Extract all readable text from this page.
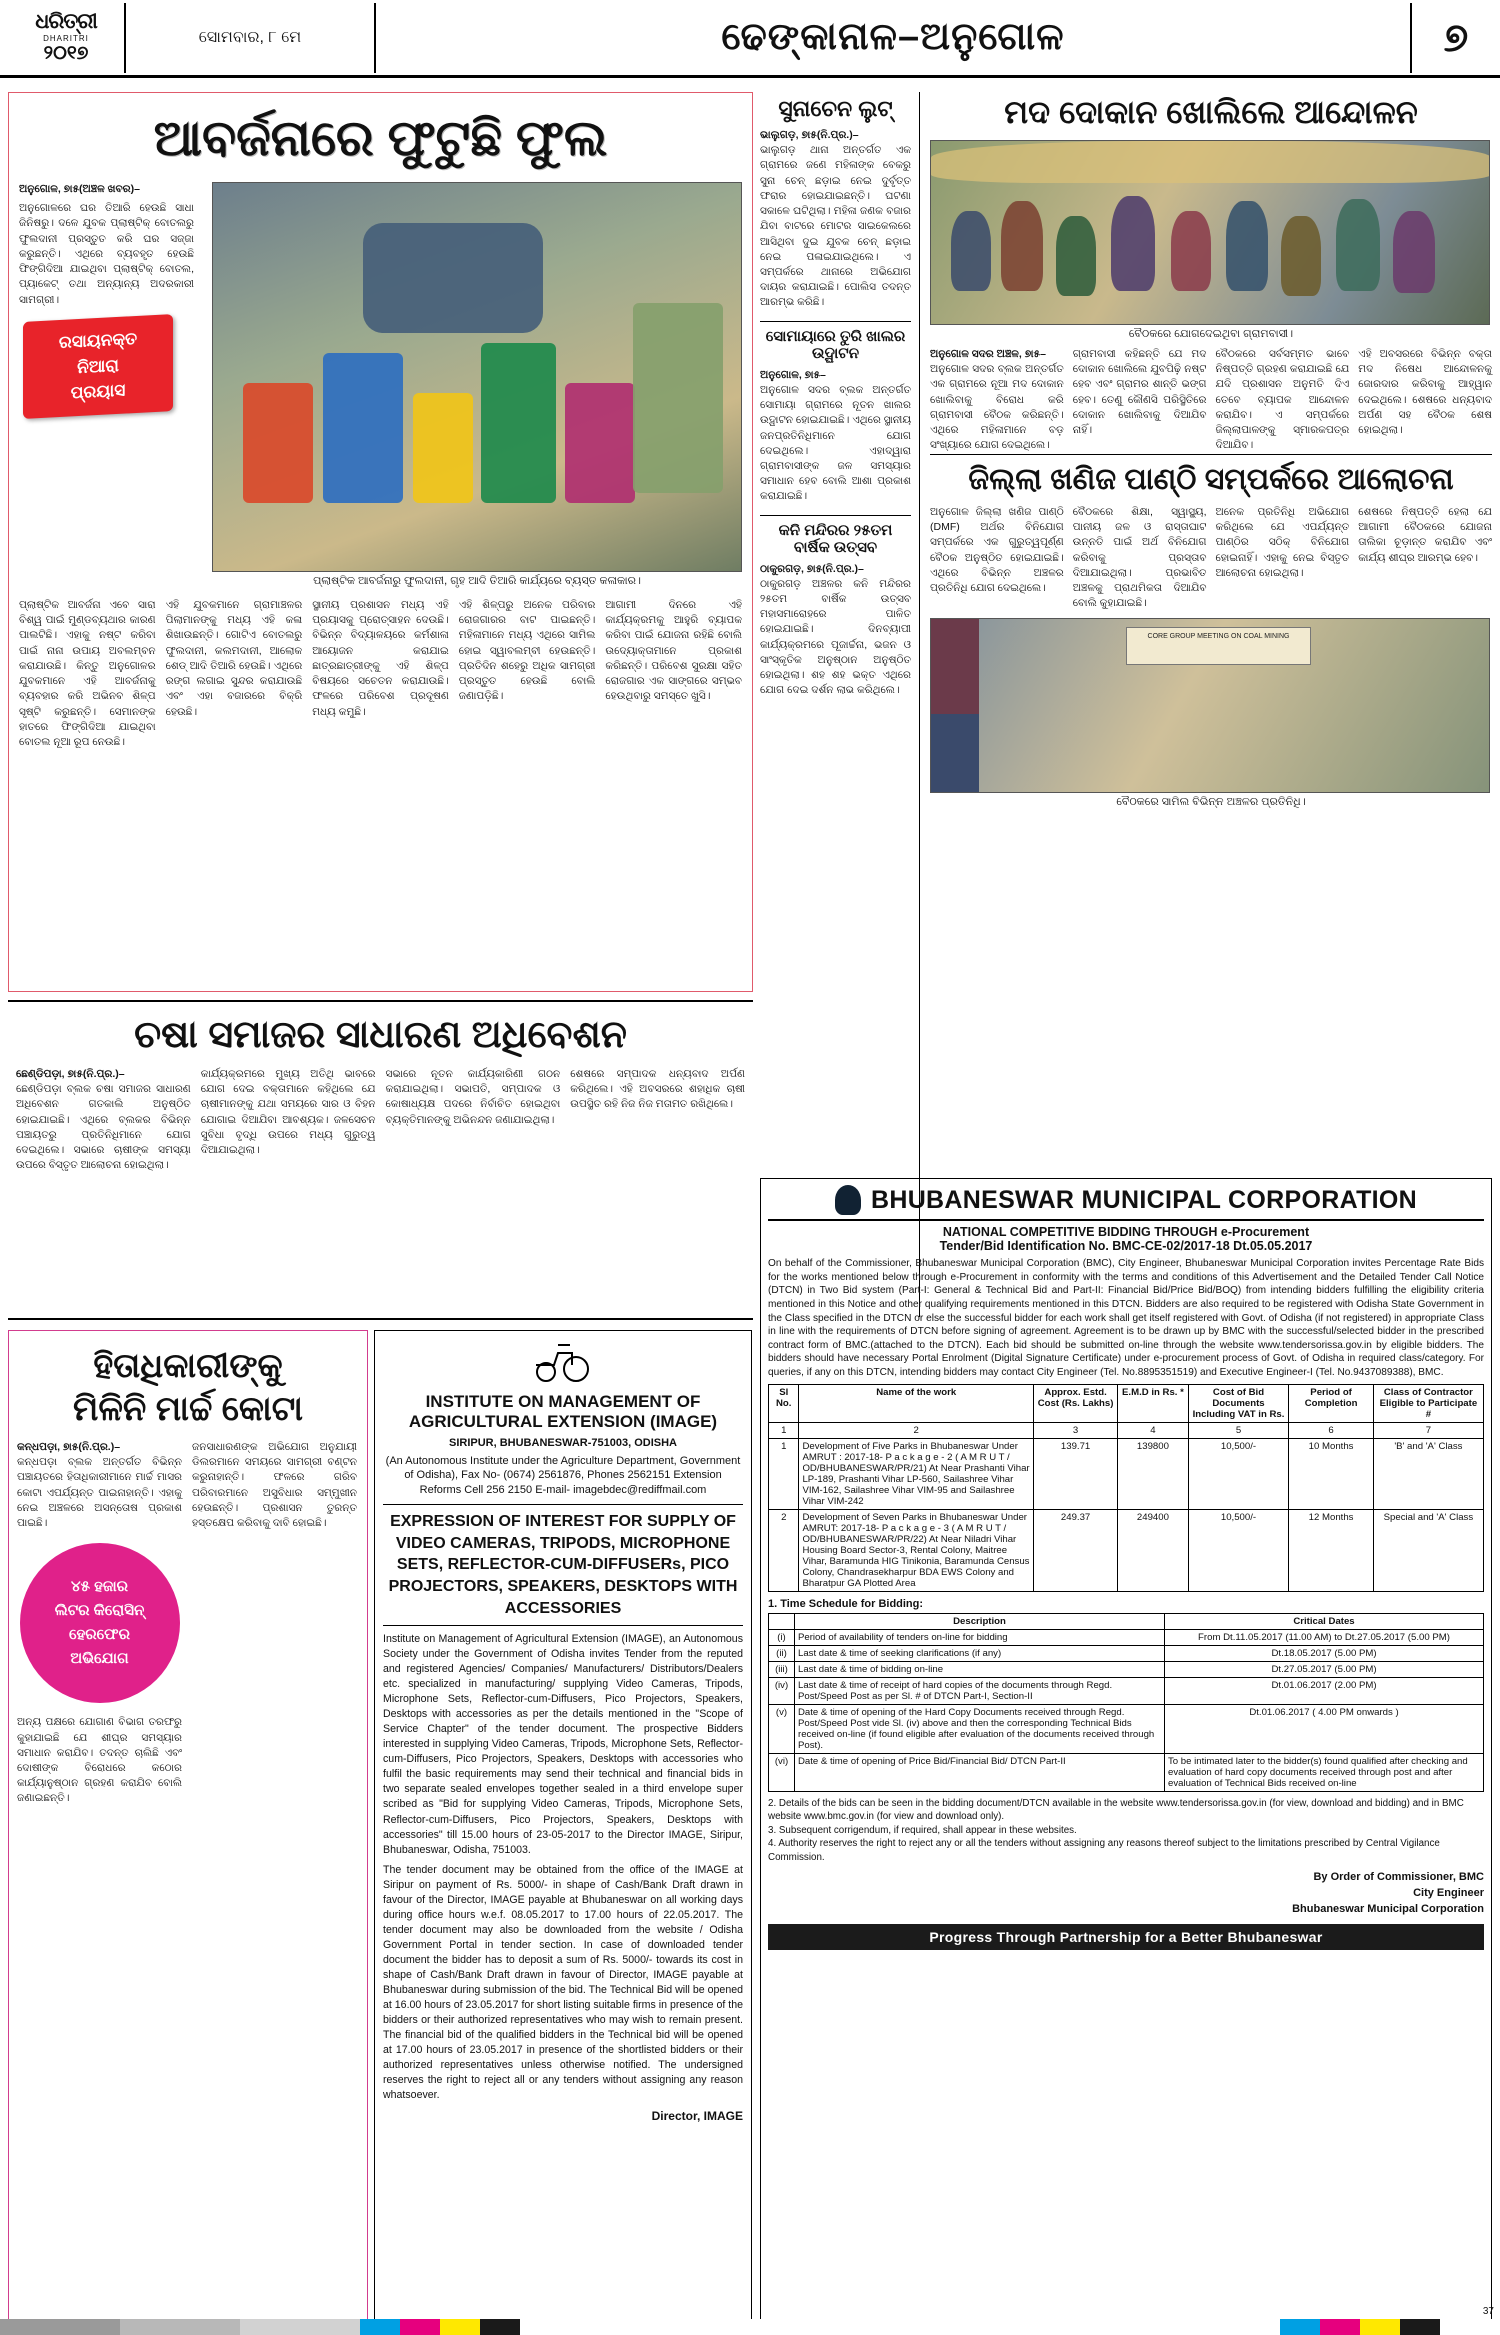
ଧରିତ୍ରୀ
DHARITRI
୨୦୧୭
ସୋମବାର, ୮ ମେ	ଢେଙ୍କାନାଳ–ଅନୁଗୋଳ	୭
ଆବର୍ଜନାରେ ଫୁଟୁଛି ଫୁଲ
ଅନୁଗୋଳ, ୭ା୫(ଅଞ୍ଚଳ ଖବର)–
ଅନୁଗୋଳରେ ଘର ତିଆରି ହେଉଛି ସାଧା ଜିନିଷରୁ। ଦଳେ ଯୁବକ ପ୍ଲାଷ୍ଟିକ୍ ବୋତଲରୁ ଫୁଲଦାନୀ ପ୍ରସ୍ତୁତ କରି ଘର ସଜ୍ଜା କରୁଛନ୍ତି। ଏଥିରେ ବ୍ୟବହୃତ ହେଉଛି ଫିଙ୍ଗିଦିଆ ଯାଇଥିବା ପ୍ଲାଷ୍ଟିକ୍ ବୋତଲ, ପ୍ୟାକେଟ୍ ତଥା ଅନ୍ୟାନ୍ୟ ଅଦରକାରୀ ସାମଗ୍ରୀ।
ରସାୟନକ୍ତ
ନିଆରା
ପ୍ରୟାସ
ପ୍ଲାଷ୍ଟିକ ଆବର୍ଜନାରୁ ଫୁଲଦାନୀ, ଗୃହ ଆଦି ତିଆରି କାର୍ଯ୍ୟରେ ବ୍ୟସ୍ତ କଳାକାର।
ପ୍ଲାଷ୍ଟିକ ଆବର୍ଜନା ଏବେ ସାରା ବିଶ୍ୱ ପାଇଁ ମୁଣ୍ଡବ୍ୟଥାର କାରଣ ପାଲଟିଛି। ଏହାକୁ ନଷ୍ଟ କରିବା ପାଇଁ ନାନା ଉପାୟ ଅବଲମ୍ବନ କରାଯାଉଛି। କିନ୍ତୁ ଅନୁଗୋଳର ଯୁବକମାନେ ଏହି ଆବର୍ଜନାକୁ ବ୍ୟବହାର କରି ଅଭିନବ ଶିଳ୍ପ ସୃଷ୍ଟି କରୁଛନ୍ତି। ସେମାନଙ୍କ ହାତରେ ଫିଙ୍ଗିଦିଆ ଯାଇଥିବା ବୋତଲ ନୂଆ ରୂପ ନେଉଛି।
ଏହି ଯୁବକମାନେ ଗ୍ରାମାଞ୍ଚଳର ପିଲାମାନଙ୍କୁ ମଧ୍ୟ ଏହି କଳା ଶିଖାଉଛନ୍ତି। ଗୋଟିଏ ବୋତଲରୁ ଫୁଲଦାନୀ, କଲମଦାନୀ, ଆଲୋକ ଶେଡ୍ ଆଦି ତିଆରି ହେଉଛି। ଏଥିରେ ରଙ୍ଗ ଲଗାଇ ସୁନ୍ଦର କରାଯାଉଛି ଏବଂ ଏହା ବଜାରରେ ବିକ୍ରି ହେଉଛି।
ସ୍ଥାନୀୟ ପ୍ରଶାସନ ମଧ୍ୟ ଏହି ପ୍ରୟାସକୁ ପ୍ରୋତ୍ସାହନ ଦେଉଛି। ବିଭିନ୍ନ ବିଦ୍ୟାଳୟରେ କର୍ମଶାଳା ଆୟୋଜନ କରାଯାଇ ଛାତ୍ରଛାତ୍ରୀଙ୍କୁ ଏହି ଶିଳ୍ପ ବିଷୟରେ ସଚେତନ କରାଯାଉଛି। ଫଳରେ ପରିବେଶ ପ୍ରଦୂଷଣ ମଧ୍ୟ କମୁଛି।
ଏହି ଶିଳ୍ପରୁ ଅନେକ ପରିବାର ରୋଜଗାରର ବାଟ ପାଇଛନ୍ତି। ମହିଳାମାନେ ମଧ୍ୟ ଏଥିରେ ସାମିଲ ହୋଇ ସ୍ୱାବଲମ୍ବୀ ହେଉଛନ୍ତି। ପ୍ରତିଦିନ ଶହେରୁ ଅଧିକ ସାମଗ୍ରୀ ପ୍ରସ୍ତୁତ ହେଉଛି ବୋଲି ଜଣାପଡ଼ିଛି।
ଆଗାମୀ ଦିନରେ ଏହି କାର୍ଯ୍ୟକ୍ରମକୁ ଆହୁରି ବ୍ୟାପକ କରିବା ପାଇଁ ଯୋଜନା ରହିଛି ବୋଲି ଉଦ୍ୟୋକ୍ତାମାନେ ପ୍ରକାଶ କରିଛନ୍ତି। ପରିବେଶ ସୁରକ୍ଷା ସହିତ ରୋଜଗାର ଏକ ସାଙ୍ଗରେ ସମ୍ଭବ ହେଉଥିବାରୁ ସମସ୍ତେ ଖୁସି।
ଚଷା ସମାଜର ସାଧାରଣ ଅଧିବେଶନ
ଛେଣ୍ଡିପଡ଼ା, ୭ା୫(ନି.ପ୍ର.)–
ଛେଣ୍ଡିପଡ଼ା ବ୍ଲକ ଚଷା ସମାଜର ସାଧାରଣ ଅଧିବେଶନ ଗତକାଲି ଅନୁଷ୍ଠିତ ହୋଇଯାଇଛି। ଏଥିରେ ବ୍ଲକର ବିଭିନ୍ନ ପଞ୍ଚାୟତରୁ ପ୍ରତିନିଧିମାନେ ଯୋଗ ଦେଇଥିଲେ। ସଭାରେ ଚାଷୀଙ୍କ ସମସ୍ୟା ଉପରେ ବିସ୍ତୃତ ଆଲୋଚନା ହୋଇଥିଲା।
କାର୍ଯ୍ୟକ୍ରମରେ ମୁଖ୍ୟ ଅତିଥି ଭାବରେ ଯୋଗ ଦେଇ ବକ୍ତାମାନେ କହିଥିଲେ ଯେ ଚାଷୀମାନଙ୍କୁ ଯଥା ସମୟରେ ସାର ଓ ବିହନ ଯୋଗାଇ ଦିଆଯିବା ଆବଶ୍ୟକ। ଜଳସେଚନ ସୁବିଧା ବୃଦ୍ଧି ଉପରେ ମଧ୍ୟ ଗୁରୁତ୍ୱ ଦିଆଯାଇଥିଲା।
ସଭାରେ ନୂତନ କାର୍ଯ୍ୟକାରିଣୀ ଗଠନ କରାଯାଇଥିଲା। ସଭାପତି, ସମ୍ପାଦକ ଓ କୋଷାଧ୍ୟକ୍ଷ ପଦରେ ନିର୍ବାଚିତ ହୋଇଥିବା ବ୍ୟକ୍ତିମାନଙ୍କୁ ଅଭିନନ୍ଦନ ଜଣାଯାଇଥିଲା।
ଶେଷରେ ସମ୍ପାଦକ ଧନ୍ୟବାଦ ଅର୍ପଣ କରିଥିଲେ। ଏହି ଅବସରରେ ଶହାଧିକ ଚାଷୀ ଉପସ୍ଥିତ ରହି ନିଜ ନିଜ ମତାମତ ରଖିଥିଲେ।
ହିତାଧିକାରୀଙ୍କୁ
ମିଳିନି ମାର୍ଚ୍ଚ କୋଟା
କନ୍ଧପଡ଼ା, ୭ା୫(ନି.ପ୍ର.)–
କନ୍ଧପଡ଼ା ବ୍ଲକ ଅନ୍ତର୍ଗତ ବିଭିନ୍ନ ପଞ୍ଚାୟତରେ ହିତାଧିକାରୀମାନେ ମାର୍ଚ୍ଚ ମାସର କୋଟା ଏପର୍ଯ୍ୟନ୍ତ ପାଇନାହାନ୍ତି। ଏହାକୁ ନେଇ ଅଞ୍ଚଳରେ ଅସନ୍ତୋଷ ପ୍ରକାଶ ପାଇଛି।
୪୫ ହଜାର
ଲିଟର କିରୋସିନ୍
ହେରଫେର
ଅଭିଯୋଗ
ଅନ୍ୟ ପକ୍ଷରେ ଯୋଗାଣ ବିଭାଗ ତରଫରୁ କୁହାଯାଇଛି ଯେ ଶୀଘ୍ର ସମସ୍ୟାର ସମାଧାନ କରାଯିବ। ତଦନ୍ତ ଚାଲିଛି ଏବଂ ଦୋଷୀଙ୍କ ବିରୋଧରେ କଠୋର କାର୍ଯ୍ୟାନୁଷ୍ଠାନ ଗ୍ରହଣ କରାଯିବ ବୋଲି ଜଣାଇଛନ୍ତି।
ଜନସାଧାରଣଙ୍କ ଅଭିଯୋଗ ଅନୁଯାୟୀ ଡିଲରମାନେ ସମୟରେ ସାମଗ୍ରୀ ବଣ୍ଟନ କରୁନାହାନ୍ତି। ଫଳରେ ଗରିବ ପରିବାରମାନେ ଅସୁବିଧାର ସମ୍ମୁଖୀନ ହେଉଛନ୍ତି। ପ୍ରଶାସନ ତୁରନ୍ତ ହସ୍ତକ୍ଷେପ କରିବାକୁ ଦାବି ହୋଇଛି।
INSTITUTE ON MANAGEMENT OF AGRICULTURAL EXTENSION (IMAGE)
SIRIPUR, BHUBANESWAR-751003, ODISHA
(An Autonomous Institute under the Agriculture Department, Government of Odisha), Fax No- (0674) 2561876, Phones 2562151 Extension Reforms Cell 256 2150 E-mail- imagebdec@rediffmail.com
EXPRESSION OF INTEREST FOR SUPPLY OF VIDEO CAMERAS, TRIPODS, MICROPHONE SETS, REFLECTOR-CUM-DIFFUSERs, PICO PROJECTORS, SPEAKERS, DESKTOPS WITH ACCESSORIES
Institute on Management of Agricultural Extension (IMAGE), an Autonomous Society under the Government of Odisha invites Tender from the reputed and registered Agencies/ Companies/ Manufacturers/ Distributors/Dealers etc. specialized in manufacturing/ supplying Video Cameras, Tripods, Microphone Sets, Reflector-cum-Diffusers, Pico Projectors, Speakers, Desktops with accessories as per the details mentioned in the "Scope of Service Chapter" of the tender document. The prospective Bidders interested in supplying Video Cameras, Tripods, Microphone Sets, Reflector-cum-Diffusers, Pico Projectors, Speakers, Desktops with accessories who fulfil the basic requirements may send their technical and financial bids in two separate sealed envelopes together sealed in a third envelope super scribed as "Bid for supplying Video Cameras, Tripods, Microphone Sets, Reflector-cum-Diffusers, Pico Projectors, Speakers, Desktops with accessories" till 15.00 hours of 23-05-2017 to the Director IMAGE, Siripur, Bhubaneswar, Odisha, 751003.
The tender document may be obtained from the office of the IMAGE at Siripur on payment of Rs. 5000/- in shape of Cash/Bank Draft drawn in favour of the Director, IMAGE payable at Bhubaneswar on all working days during office hours w.e.f. 08.05.2017 to 17.00 hours of 22.05.2017. The tender document may also be downloaded from the website / Odisha Government Portal in tender section. In case of downloaded tender document the bidder has to deposit a sum of Rs. 5000/- towards its cost in shape of Cash/Bank Draft drawn in favour of Director, IMAGE payable at Bhubaneswar during submission of the bid. The Technical Bid will be opened at 16.00 hours of 23.05.2017 for short listing suitable firms in presence of the bidders or their authorized representatives who may wish to remain present. The financial bid of the qualified bidders in the Technical bid will be opened at 17.00 hours of 23.05.2017 in presence of the shortlisted bidders or their authorized representatives unless otherwise notified. The undersigned reserves the right to reject all or any tenders without assigning any reason whatsoever.
Director, IMAGE
ସୁନାଚେନ ଲୁଟ୍
ଭାଲୁଗଡ଼, ୭ା୫(ନି.ପ୍ର.)–
ଭାଲୁଗଡ଼ ଥାନା ଅନ୍ତର୍ଗତ ଏକ ଗ୍ରାମରେ ଜଣେ ମହିଳାଙ୍କ ବେକରୁ ସୁନା ଚେନ୍ ଛଡ଼ାଇ ନେଇ ଦୁର୍ବୃତ୍ତ ଫରାର ହୋଇଯାଇଛନ୍ତି। ଘଟଣା ସକାଳେ ଘଟିଥିଲା। ମହିଳା ଜଣକ ବଜାର ଯିବା ବାଟରେ ମୋଟର ସାଇକେଲରେ ଆସିଥିବା ଦୁଇ ଯୁବକ ଚେନ୍ ଛଡ଼ାଇ ନେଇ ପଳାଇଯାଇଥିଲେ। ଏ ସମ୍ପର୍କରେ ଥାନାରେ ଅଭିଯୋଗ ଦାୟର କରାଯାଇଛି। ପୋଲିସ ତଦନ୍ତ ଆରମ୍ଭ କରିଛି।
ସୋମାୟାରେ ତୁରି ଖାଲର ଉଦ୍ଘାଟନ
ଅନୁଗୋଳ, ୭ା୫–
ଅନୁଗୋଳ ସଦର ବ୍ଲକ ଅନ୍ତର୍ଗତ ସୋମାୟା ଗ୍ରାମରେ ନୂତନ ଖାଲର ଉଦ୍ଘାଟନ ହୋଇଯାଇଛି। ଏଥିରେ ସ୍ଥାନୀୟ ଜନପ୍ରତିନିଧିମାନେ ଯୋଗ ଦେଇଥିଲେ। ଏହାଦ୍ୱାରା ଗ୍ରାମବାସୀଙ୍କ ଜଳ ସମସ୍ୟାର ସମାଧାନ ହେବ ବୋଲି ଆଶା ପ୍ରକାଶ କରାଯାଇଛି।
କନି ମନ୍ଦିରର ୨୫ତମ ବାର୍ଷିକ ଉତ୍ସବ
ଠାକୁରଗଡ଼, ୭ା୫(ନି.ପ୍ର.)–
ଠାକୁରଗଡ଼ ଅଞ୍ଚଳର କନି ମନ୍ଦିରର ୨୫ତମ ବାର୍ଷିକ ଉତ୍ସବ ମହାସମାରୋହରେ ପାଳିତ ହୋଇଯାଇଛି। ଦିନବ୍ୟାପୀ କାର୍ଯ୍ୟକ୍ରମରେ ପୂଜାର୍ଚ୍ଚନା, ଭଜନ ଓ ସାଂସ୍କୃତିକ ଅନୁଷ୍ଠାନ ଅନୁଷ୍ଠିତ ହୋଇଥିଲା। ଶହ ଶହ ଭକ୍ତ ଏଥିରେ ଯୋଗ ଦେଇ ଦର୍ଶନ ଲାଭ କରିଥିଲେ।
ମଦ ଦୋକାନ ଖୋଲିଲେ ଆନ୍ଦୋଳନ
ବୈଠକରେ ଯୋଗଦେଇଥିବା ଗ୍ରାମବାସୀ।
ଅନୁଗୋଳ ସଦର ଅଞ୍ଚଳ, ୭ା୫–
ଅନୁଗୋଳ ସଦର ବ୍ଲକ ଅନ୍ତର୍ଗତ ଏକ ଗ୍ରାମରେ ନୂଆ ମଦ ଦୋକାନ ଖୋଲିବାକୁ ବିରୋଧ କରି ଗ୍ରାମବାସୀ ବୈଠକ କରିଛନ୍ତି। ଏଥିରେ ମହିଳାମାନେ ବଡ଼ ସଂଖ୍ୟାରେ ଯୋଗ ଦେଇଥିଲେ।
ଗ୍ରାମବାସୀ କହିଛନ୍ତି ଯେ ମଦ ଦୋକାନ ଖୋଲିଲେ ଯୁବପିଢ଼ି ନଷ୍ଟ ହେବ ଏବଂ ଗ୍ରାମର ଶାନ୍ତି ଭଙ୍ଗ ହେବ। ତେଣୁ କୌଣସି ପରିସ୍ଥିତିରେ ଦୋକାନ ଖୋଲିବାକୁ ଦିଆଯିବ ନାହିଁ।
ବୈଠକରେ ସର୍ବସମ୍ମତ ଭାବେ ନିଷ୍ପତ୍ତି ଗ୍ରହଣ କରାଯାଇଛି ଯେ ଯଦି ପ୍ରଶାସନ ଅନୁମତି ଦିଏ ତେବେ ବ୍ୟାପକ ଆନ୍ଦୋଳନ କରାଯିବ। ଏ ସମ୍ପର୍କରେ ଜିଲ୍ଲାପାଳଙ୍କୁ ସ୍ମାରକପତ୍ର ଦିଆଯିବ।
ଏହି ଅବସରରେ ବିଭିନ୍ନ ବକ୍ତା ମଦ ନିଷେଧ ଆନ୍ଦୋଳନକୁ ଜୋରଦାର କରିବାକୁ ଆହ୍ୱାନ ଦେଇଥିଲେ। ଶେଷରେ ଧନ୍ୟବାଦ ଅର୍ପଣ ସହ ବୈଠକ ଶେଷ ହୋଇଥିଲା।
ଜିଲ୍ଲା ଖଣିଜ ପାଣ୍ଠି ସମ୍ପର୍କରେ ଆଲୋଚନା
ଅନୁଗୋଳ ଜିଲ୍ଲା ଖଣିଜ ପାଣ୍ଠି (DMF) ଅର୍ଥର ବିନିଯୋଗ ସମ୍ପର୍କରେ ଏକ ଗୁରୁତ୍ୱପୂର୍ଣ୍ଣ ବୈଠକ ଅନୁଷ୍ଠିତ ହୋଇଯାଇଛି। ଏଥିରେ ବିଭିନ୍ନ ଅଞ୍ଚଳର ପ୍ରତିନିଧି ଯୋଗ ଦେଇଥିଲେ।
ବୈଠକରେ ଶିକ୍ଷା, ସ୍ୱାସ୍ଥ୍ୟ, ପାନୀୟ ଜଳ ଓ ରାସ୍ତାଘାଟ ଉନ୍ନତି ପାଇଁ ଅର୍ଥ ବିନିଯୋଗ କରିବାକୁ ପ୍ରସ୍ତାବ ଦିଆଯାଇଥିଲା। ପ୍ରଭାବିତ ଅଞ୍ଚଳକୁ ପ୍ରାଥମିକତା ଦିଆଯିବ ବୋଲି କୁହାଯାଇଛି।
ଅନେକ ପ୍ରତିନିଧି ଅଭିଯୋଗ କରିଥିଲେ ଯେ ଏପର୍ଯ୍ୟନ୍ତ ପାଣ୍ଠିର ସଠିକ୍ ବିନିଯୋଗ ହୋଇନାହିଁ। ଏହାକୁ ନେଇ ବିସ୍ତୃତ ଆଲୋଚନା ହୋଇଥିଲା।
ଶେଷରେ ନିଷ୍ପତ୍ତି ହେଲା ଯେ ଆଗାମୀ ବୈଠକରେ ଯୋଜନା ତାଲିକା ଚୂଡ଼ାନ୍ତ କରାଯିବ ଏବଂ କାର୍ଯ୍ୟ ଶୀଘ୍ର ଆରମ୍ଭ ହେବ।
CORE GROUP MEETING ON COAL MINING
ବୈଠକରେ ସାମିଲ ବିଭିନ୍ନ ଅଞ୍ଚଳର ପ୍ରତିନିଧି।
BHUBANESWAR MUNICIPAL CORPORATION
NATIONAL COMPETITIVE BIDDING THROUGH e-Procurement
Tender/Bid Identification No. BMC-CE-02/2017-18 Dt.05.05.2017
On behalf of the Commissioner, Bhubaneswar Municipal Corporation (BMC), City Engineer, Bhubaneswar Municipal Corporation invites Percentage Rate Bids for the works mentioned below through e-Procurement in conformity with the terms and conditions of this Advertisement and the Detailed Tender Call Notice (DTCN) in Two Bid system (Part-I: General & Technical Bid and Part-II: Financial Bid/Price Bid/BOQ) from intending bidders fulfilling the eligibility criteria mentioned in this Notice and other qualifying requirements mentioned in this DTCN. Bidders are also required to be registered with Odisha State Government in the Class specified in the DTCN or else the successful bidder for each work shall get itself registered with Govt. of Odisha (if not registered) in appropriate Class in line with the requirements of DTCN before signing of agreement. Agreement is to be drawn up by BMC with the successful/selected bidder in the prescribed contract form of BMC.(attached to the DTCN). Each bid should be submitted on-line through the website www.tendersorissa.gov.in by eligible bidders. The bidders should have necessary Portal Enrolment (Digital Signature Certificate) under e-procurement process of Govt. of Odisha in required class/category. For queries, if any on this DTCN, intending bidders may contact City Engineer (Tel. No.8895351519) and Executive Engineer-I (Tel. No.9437089388), BMC.
Sl No.	Name of the work	Approx. Estd. Cost (Rs. Lakhs)	E.M.D in Rs. *	Cost of Bid Documents Including VAT in Rs.	Period of Completion	Class of Contractor Eligible to Participate #
1	2	3	4	5	6	7
1	Development of Five Parks in Bhubaneswar Under AMRUT : 2017-18- P a c k a g e - 2 ( A M R U T / OD/BHUBANESWAR/PR/21) At Near Prashanti Vihar LP-189, Prashanti Vihar LP-560, Sailashree Vihar VIM-162, Sailashree Vihar VIM-95 and Sailashree Vihar VIM-242	139.71	139800	10,500/-	10 Months	'B' and 'A' Class
2	Development of Seven Parks in Bhubaneswar Under AMRUT: 2017-18- P a c k a g e - 3 ( A M R U T / OD/BHUBANESWAR/PR/22) At Near Niladri Vihar Housing Board Sector-3, Rental Colony, Maitree Vihar, Baramunda HIG Tinikonia, Baramunda Census Colony, Chandrasekharpur BDA EWS Colony and Bharatpur GA Plotted Area	249.37	249400	10,500/-	12 Months	Special and 'A' Class
1. Time Schedule for Bidding:
	Description	Critical Dates
(i)	Period of availability of tenders on-line for bidding	From Dt.11.05.2017 (11.00 AM) to Dt.27.05.2017 (5.00 PM)
(ii)	Last date & time of seeking clarifications (if any)	Dt.18.05.2017 (5.00 PM)
(iii)	Last date & time of bidding on-line	Dt.27.05.2017 (5.00 PM)
(iv)	Last date & time of receipt of hard copies of the documents through Regd. Post/Speed Post as per Sl. # of DTCN Part-I, Section-II	Dt.01.06.2017 (2.00 PM)
(v)	Date & time of opening of the Hard Copy Documents received through Regd. Post/Speed Post vide Sl. (iv) above and then the corresponding Technical Bids received on-line (if found eligible after evaluation of the documents received through Post).	Dt.01.06.2017 ( 4.00 PM onwards )
(vi)	Date & time of opening of Price Bid/Financial Bid/ DTCN Part-II	To be intimated later to the bidder(s) found qualified after checking and evaluation of hard copy documents received through post and after evaluation of Technical Bids received on-line
2. Details of the bids can be seen in the bidding document/DTCN available in the website www.tendersorissa.gov.in (for view, download and bidding) and in BMC website www.bmc.gov.in (for view and download only).
3. Subsequent corrigendum, if required, shall appear in these websites.
4. Authority reserves the right to reject any or all the tenders without assigning any reasons thereof subject to the limitations prescribed by Central Vigilance Commission.
By Order of Commissioner, BMC
City Engineer
Bhubaneswar Municipal Corporation
Progress Through Partnership for a Better Bhubaneswar
37
